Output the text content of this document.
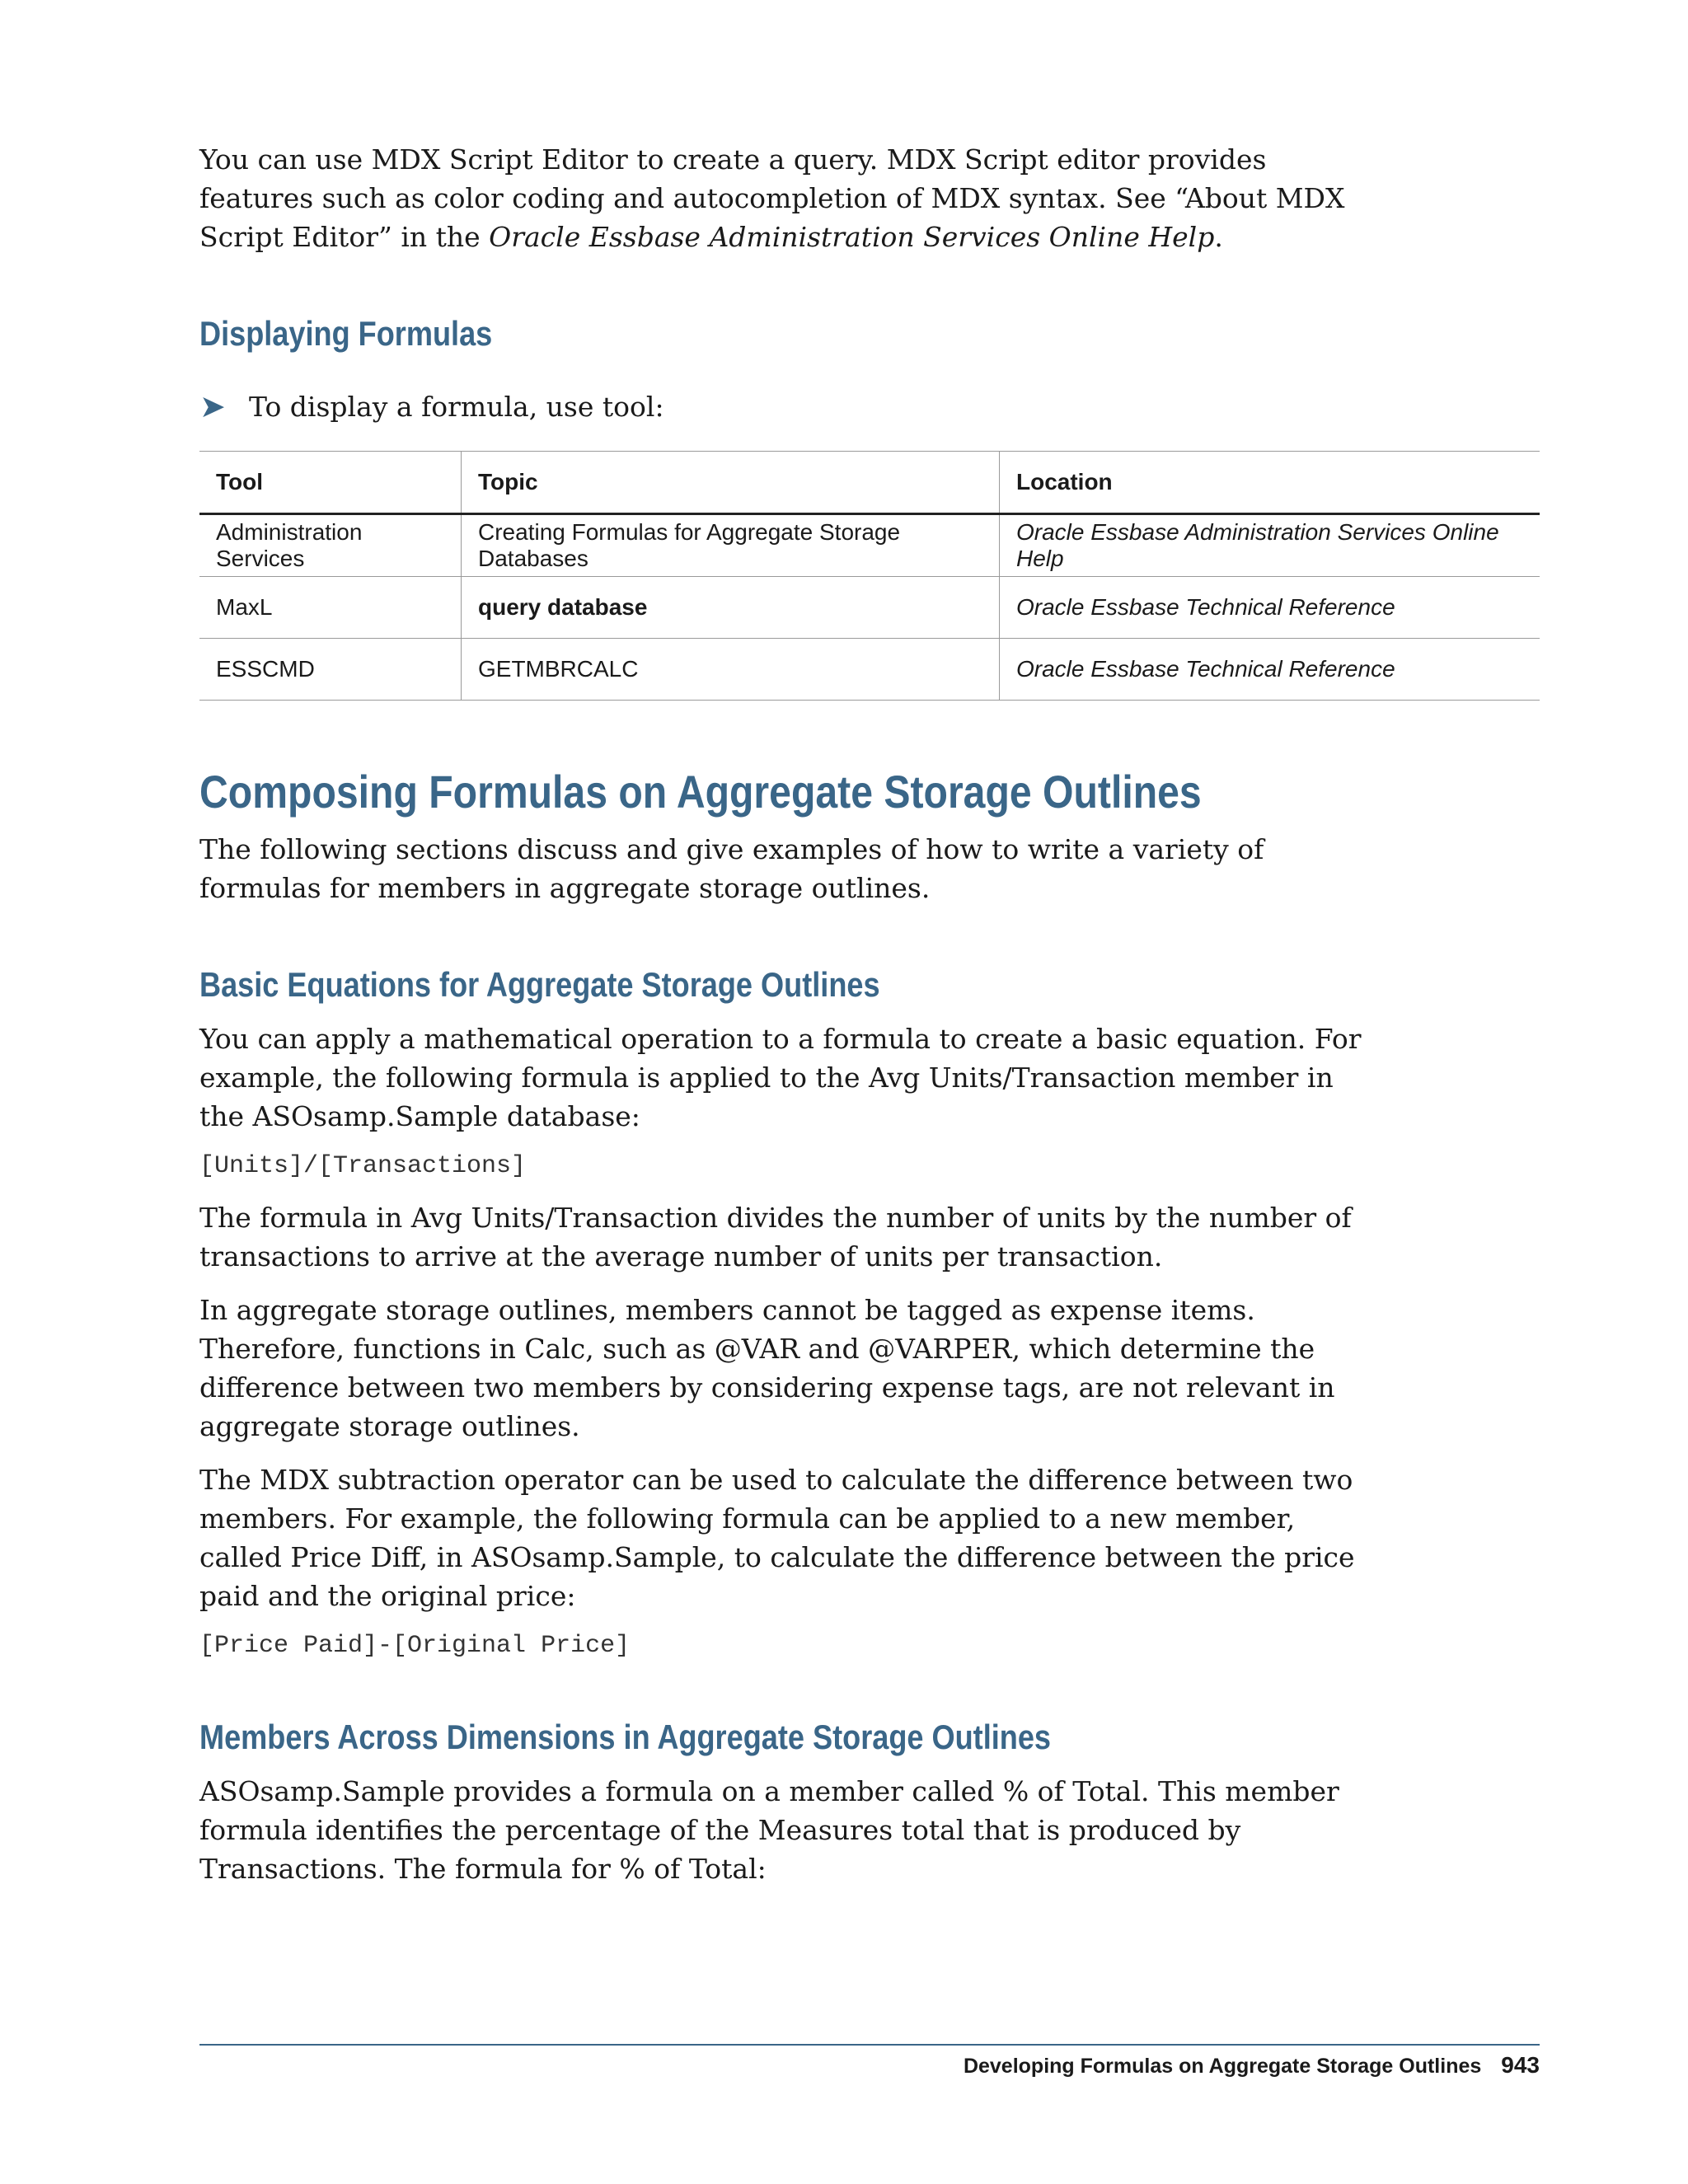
You can use MDX Script Editor to create a query. MDX Script editor provides features such as color coding and autocompletion of MDX syntax. See “About MDX Script Editor” in the Oracle Essbase Administration Services Online Help.

Displaying Formulas
➤ To display a formula, use tool:
Tool	Topic	Location
Administration Services	Creating Formulas for Aggregate Storage Databases	Oracle Essbase Administration Services Online Help
MaxL	query database	Oracle Essbase Technical Reference
ESSCMD	GETMBRCALC	Oracle Essbase Technical Reference
Composing Formulas on Aggregate Storage Outlines

The following sections discuss and give examples of how to write a variety of formulas for members in aggregate storage outlines.

Basic Equations for Aggregate Storage Outlines

You can apply a mathematical operation to a formula to create a basic equation. For example, the following formula is applied to the Avg Units/Transaction member in the ASOsamp.Sample database:

[Units]/[Transactions]

The formula in Avg Units/Transaction divides the number of units by the number of transactions to arrive at the average number of units per transaction.

In aggregate storage outlines, members cannot be tagged as expense items. Therefore, functions in Calc, such as @VAR and @VARPER, which determine the difference between two members by considering expense tags, are not relevant in aggregate storage outlines.

The MDX subtraction operator can be used to calculate the difference between two members. For example, the following formula can be applied to a new member, called Price Diff, in ASOsamp.Sample, to calculate the difference between the price paid and the original price:

[Price Paid]-[Original Price]

Members Across Dimensions in Aggregate Storage Outlines

ASOsamp.Sample provides a formula on a member called % of Total. This member formula identifies the percentage of the Measures total that is produced by Transactions. The formula for % of Total:

Developing Formulas on Aggregate Storage Outlines 943
